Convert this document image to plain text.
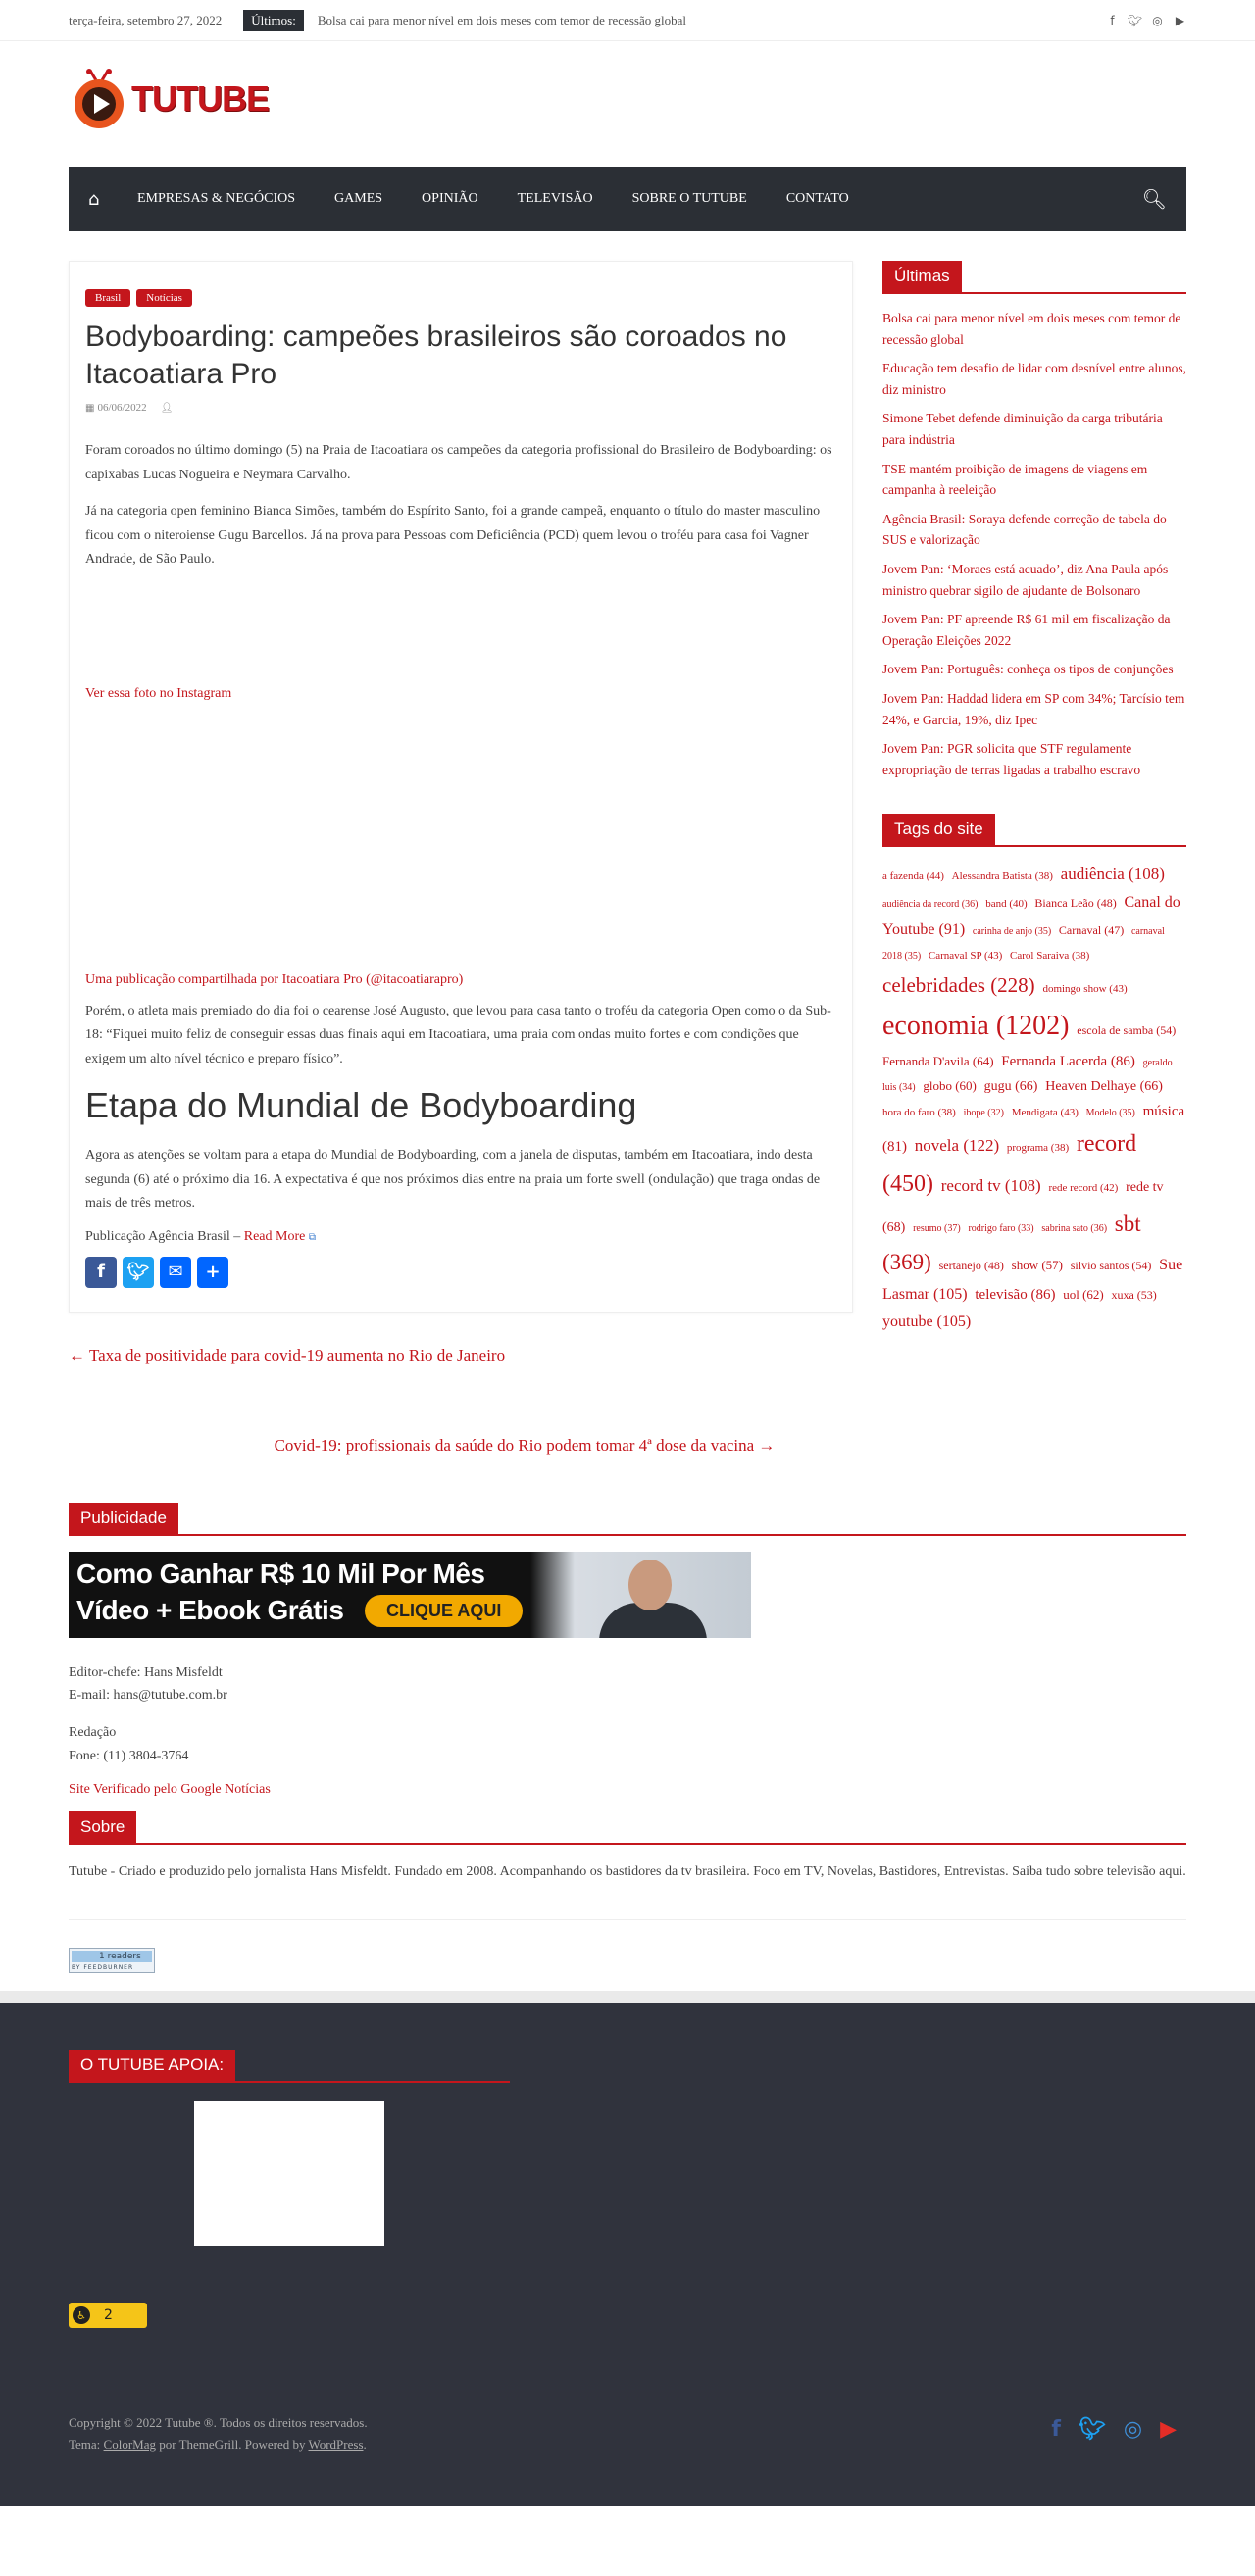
terça-feira, setembro 27, 2022	Últimos:	Bolsa cai para menor nível em dois meses com temor de recessão global	f	🐦︎ ◎ ▶
TUTUBE
⌂	EMPRESAS & NEGÓCIOS	GAMES	OPINIÃO	TELEVISÃO	SOBRE O TUTUBE	CONTATO	🔍︎
Brasil	Notícias
Bodyboarding: campeões brasileiros são coroados no Itacoatiara Pro
▦ 06/06/2022 👤︎

Foram coroados no último domingo (5) na Praia de Itacoatiara os campeões da categoria profissional do Brasileiro de Bodyboarding: os capixabas Lucas Nogueira e Neymara Carvalho.

Já na categoria open feminino Bianca Simões, também do Espírito Santo, foi a grande campeã, enquanto o título do master masculino ficou com o niteroiense Gugu Barcellos. Já na prova para Pessoas com Deficiência (PCD) quem levou o troféu para casa foi Vagner Andrade, de São Paulo.

Ver essa foto no Instagram
Uma publicação compartilhada por Itacoatiara Pro (@itacoatiarapro)

Porém, o atleta mais premiado do dia foi o cearense José Augusto, que levou para casa tanto o troféu da categoria Open como o da Sub-18: “Fiquei muito feliz de conseguir essas duas finais aqui em Itacoatiara, uma praia com ondas muito fortes e com condições que exigem um alto nível técnico e preparo físico”.

Etapa do Mundial de Bodyboarding

Agora as atenções se voltam para a etapa do Mundial de Bodyboarding, com a janela de disputas, também em Itacoatiara, indo desta segunda (6) até o próximo dia 16. A expectativa é que nos próximos dias entre na praia um forte swell (ondulação) que traga ondas de mais de três metros.

Publicação Agência Brasil – Read More ⧉
f	🐦︎	✉	+
← Taxa de positividade para covid-19 aumenta no Rio de Janeiro
Covid-19: profissionais da saúde do Rio podem tomar 4ª dose da vacina →
Últimas
Bolsa cai para menor nível em dois meses com temor de recessão global
Educação tem desafio de lidar com desnível entre alunos, diz ministro
Simone Tebet defende diminuição da carga tributária para indústria
TSE mantém proibição de imagens de viagens em campanha à reeleição
Agência Brasil: Soraya defende correção de tabela do SUS e valorização
Jovem Pan: ‘Moraes está acuado’, diz Ana Paula após ministro quebrar sigilo de ajudante de Bolsonaro
Jovem Pan: PF apreende R$ 61 mil em fiscalização da Operação Eleições 2022
Jovem Pan: Português: conheça os tipos de conjunções
Jovem Pan: Haddad lidera em SP com 34%; Tarcísio tem 24%, e Garcia, 19%, diz Ipec
Jovem Pan: PGR solicita que STF regulamente expropriação de terras ligadas a trabalho escravo
Tags do site
a fazenda (44) Alessandra Batista (38) audiência (108) audiência da record (36) band (40) Bianca Leão (48) Canal do Youtube (91) carinha de anjo (35) Carnaval (47) carnaval 2018 (35) Carnaval SP (43) Carol Saraiva (38) celebridades (228) domingo show (43) economia (1202) escola de samba (54) Fernanda D'avila (64) Fernanda Lacerda (86) geraldo luis (34) globo (60) gugu (66) Heaven Delhaye (66) hora do faro (38) ibope (32) Mendigata (43) Modelo (35) música (81) novela (122) programa (38) record (450) record tv (108) rede record (42) rede tv (68) resumo (37) rodrigo faro (33) sabrina sato (36) sbt (369) sertanejo (48) show (57) silvio santos (54) Sue Lasmar (105) televisão (86) uol (62) xuxa (53) youtube (105)
Publicidade
Como Ganhar R$ 10 Mil Por Mês
Vídeo + Ebook Grátis	CLIQUE AQUI

Editor-chefe: Hans Misfeldt

E-mail: hans@tutube.com.br

Redação

Fone: (11) 3804-3764

Site Verificado pelo Google Notícias
Sobre

Tutube - Criado e produzido pelo jornalista Hans Misfeldt. Fundado em 2008. Acompanhando os bastidores da tv brasileira. Foco em TV, Novelas, Bastidores, Entrevistas. Saiba tudo sobre televisão aqui.

1 readers
BY FEEDBURNER
O TUTUBE APOIA:
♿︎ 2
Copyright © 2022 Tutube ®. Todos os direitos reservados.
Tema: ColorMag por ThemeGrill. Powered by WordPress.
f 🐦︎ ◎ ▶
